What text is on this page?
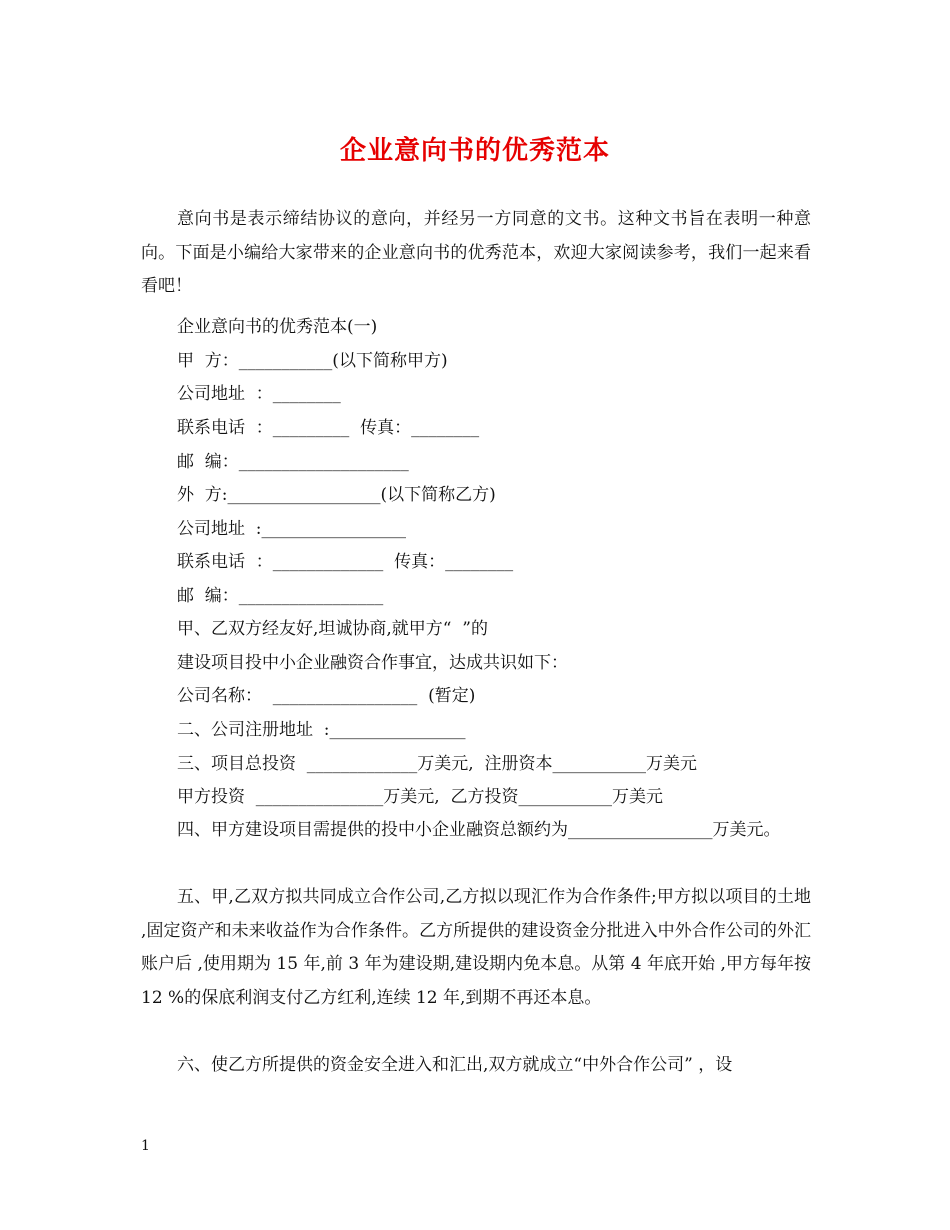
企业意向书的优秀范本
意向书是表示缔结协议的意向，并经另一方同意的文书。这种文书旨在表明一种意向。下面是小编给大家带来的企业意向书的优秀范本，欢迎大家阅读参考，我们一起来看看吧！
企业意向书的优秀范本(一)
甲  方：___________(以下简称甲方)
公司地址  ：________
联系电话  ：_________  传真：________
邮  编：____________________
外  方:__________________(以下简称乙方)
公司地址  :_________________
联系电话  ：_____________  传真：________
邮  编：_________________
甲、乙双方经友好,坦诚协商,就甲方“  ”的
建设项目投中小企业融资合作事宜，达成共识如下：
公司名称：  _________________  (暂定)
二、公司注册地址  :________________
三、项目总投资  _____________万美元,  注册资本___________万美元
甲方投资  _______________万美元,  乙方投资___________万美元
四、甲方建设项目需提供的投中小企业融资总额约为_________________万美元。
五、甲,乙双方拟共同成立合作公司,乙方拟以现汇作为合作条件;甲方拟以项目的土地 ,固定资产和未来收益作为合作条件。乙方所提供的建设资金分批进入中外合作公司的外汇账户后 ,使用期为 15 年,前 3 年为建设期,建设期内免本息。从第 4 年底开始 ,甲方每年按 12 %的保底利润支付乙方红利,连续 12 年,到期不再还本息。
六、使乙方所提供的资金安全进入和汇出,双方就成立“中外合作公司” ，设
1
